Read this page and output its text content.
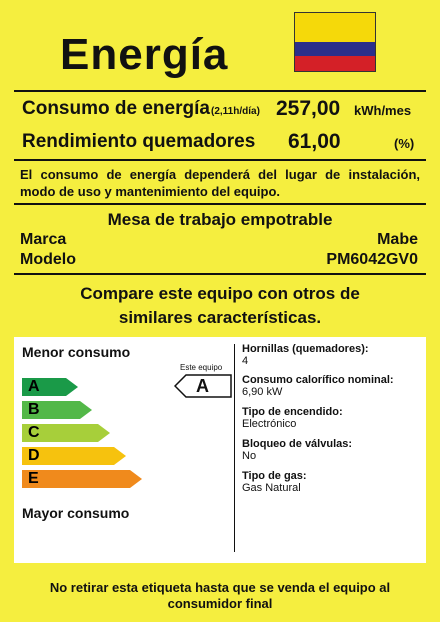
Energía
Consumo de energía (2,11h/día) 257,00 kWh/mes
Rendimiento quemadores 61,00	(%)
El consumo de energía dependerá del lugar de instalación, modo de uso y mantenimiento del equipo.
Mesa de trabajo empotrable
Marca	Mabe
Modelo	PM6042GV0
Compare este equipo con otros de similares características.
Menor consumo
A
B
C
D
E
Mayor consumo
Este equipo
A
Hornillas (quemadores):
4
Consumo calorífico nominal:
6,90 kW
Tipo de encendido:
Electrónico
Bloqueo de válvulas:
No
Tipo de gas:
Gas Natural
No retirar esta etiqueta hasta que se venda el equipo al consumidor final
